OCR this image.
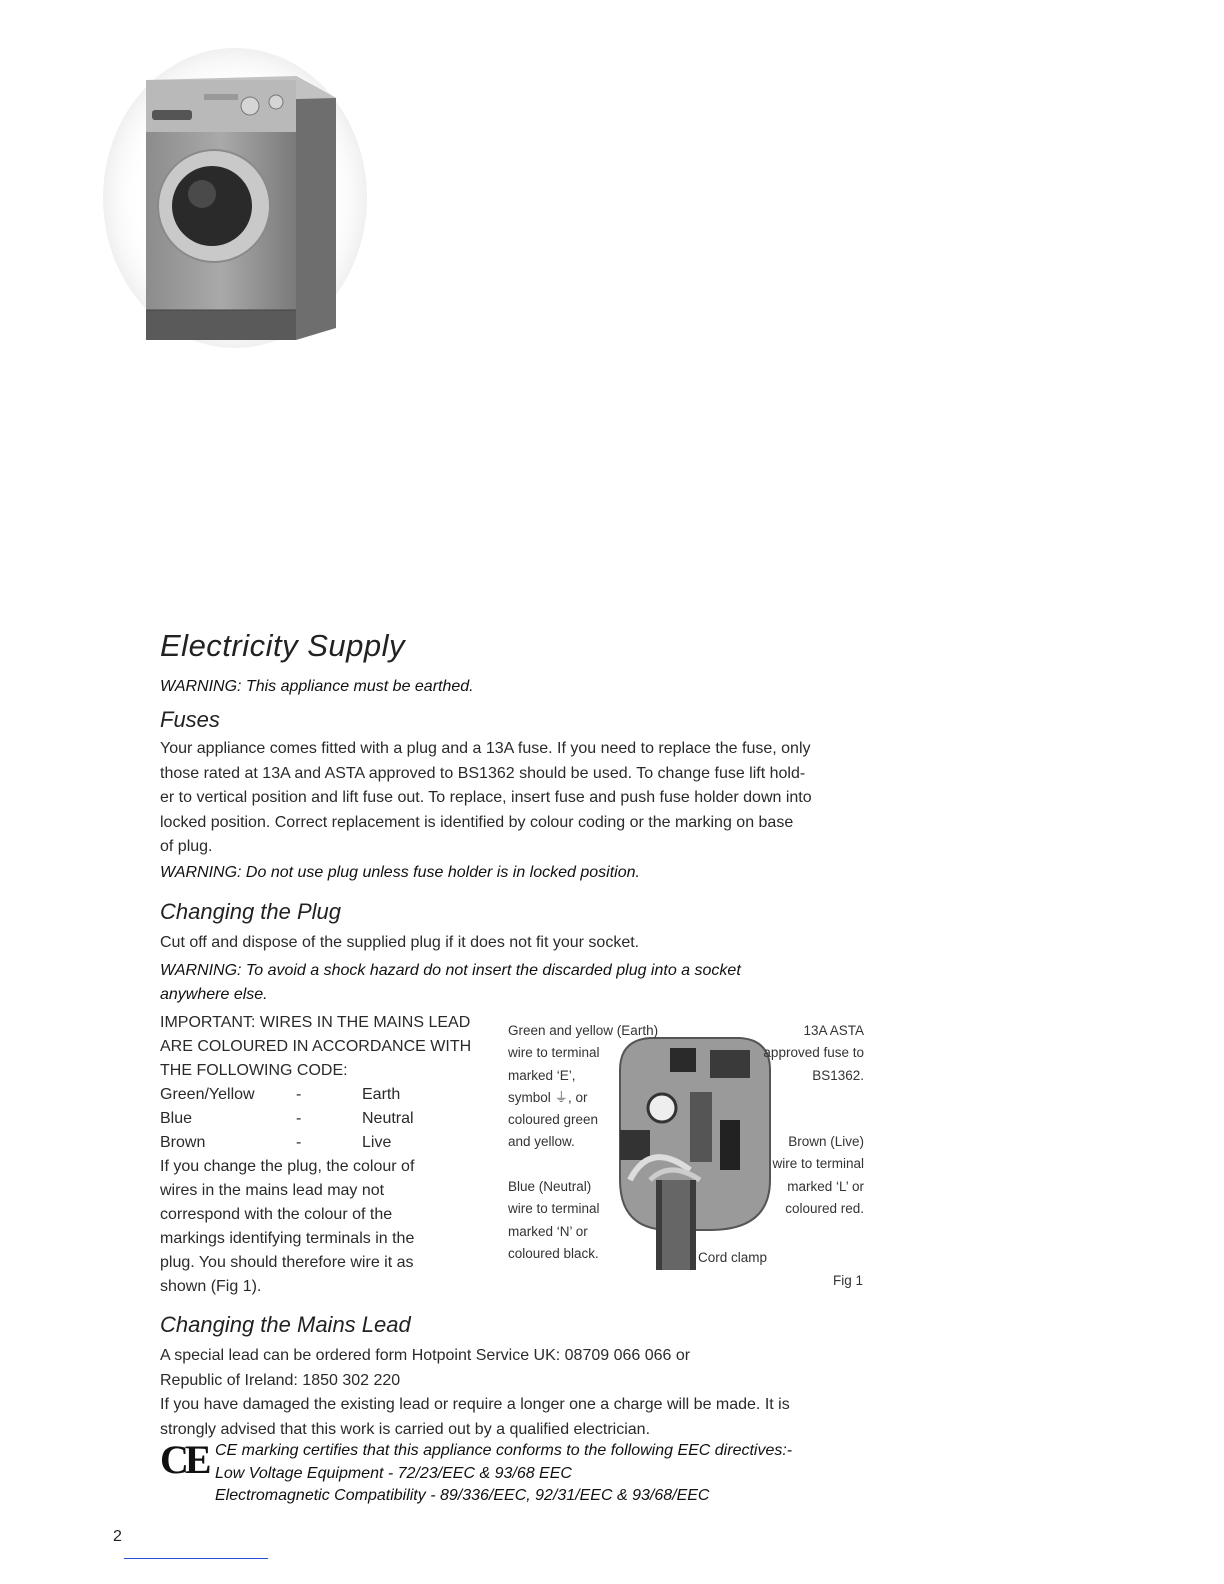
Electricity Supply
WARNING: This appliance must be earthed.
Fuses
Your appliance comes fitted with a plug and a 13A fuse. If you need to replace the fuse, only
those rated at 13A and ASTA approved to BS1362 should be used. To change fuse lift hold-
er to vertical position and lift fuse out. To replace, insert fuse and push fuse holder down into
locked position. Correct replacement is identified by colour coding or the marking on base
of plug.
WARNING: Do not use plug unless fuse holder is in locked position.
Changing the Plug
Cut off and dispose of the supplied plug if it does not fit your socket.
WARNING: To avoid a shock hazard do not insert the discarded plug into a socket
anywhere else.
IMPORTANT: WIRES IN THE MAINS LEAD
ARE COLOURED IN ACCORDANCE WITH
THE FOLLOWING CODE:
Green/Yellow	-	Earth
Blue	-	Neutral
Brown	-	Live
If you change the plug, the colour of
wires in the mains lead may not
correspond with the colour of the
markings identifying terminals in the
plug. You should therefore wire it as
shown (Fig 1).
Green and yellow (Earth)
wire to terminal
marked ‘E’,
symbol ⏚, or
coloured green
and yellow.
13A ASTA
approved fuse to
BS1362.
Brown (Live)
wire to terminal
marked ‘L’ or
coloured red.
Blue (Neutral)
wire to terminal
marked ‘N’ or
coloured black.	Cord clamp
Fig 1
Changing the Mains Lead
A special lead can be ordered form Hotpoint Service UK: 08709 066 066 or
Republic of Ireland: 1850 302 220
If you have damaged the existing lead or require a longer one a charge will be made. It is
strongly advised that this work is carried out by a qualified electrician.
CE CE marking certifies that this appliance conforms to the following EEC directives:-
Low Voltage Equipment - 72/23/EEC & 93/68 EEC
Electromagnetic Compatibility - 89/336/EEC, 92/31/EEC & 93/68/EEC
2
